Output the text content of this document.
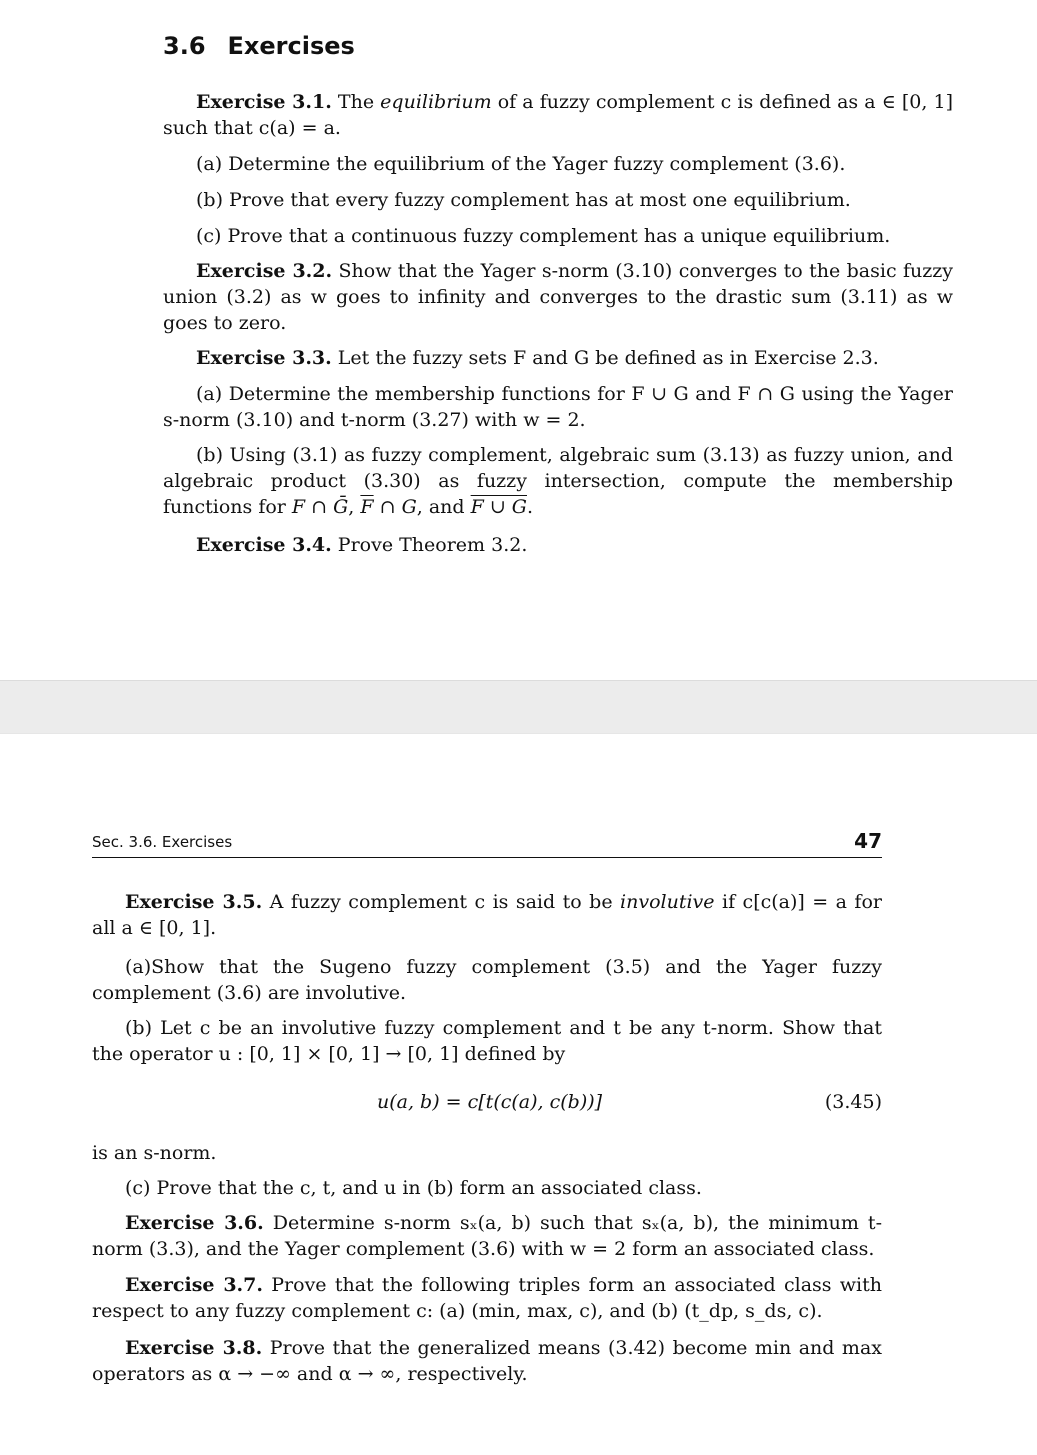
3.6 Exercises
Exercise 3.1. The equilibrium of a fuzzy complement c is defined as a ∈ [0, 1] such that c(a) = a.
(a) Determine the equilibrium of the Yager fuzzy complement (3.6).
(b) Prove that every fuzzy complement has at most one equilibrium.
(c) Prove that a continuous fuzzy complement has a unique equilibrium.
Exercise 3.2. Show that the Yager s-norm (3.10) converges to the basic fuzzy union (3.2) as w goes to infinity and converges to the drastic sum (3.11) as w goes to zero.
Exercise 3.3. Let the fuzzy sets F and G be defined as in Exercise 2.3.
(a) Determine the membership functions for F ∪ G and F ∩ G using the Yager s-norm (3.10) and t-norm (3.27) with w = 2.
(b) Using (3.1) as fuzzy complement, algebraic sum (3.13) as fuzzy union, and algebraic product (3.30) as fuzzy intersection, compute the membership functions for F ∩ Ḡ, $\overline{F}$ ∩ G, and F ∪ G.
Exercise 3.4. Prove Theorem 3.2.
Sec. 3.6. Exercises	47
Exercise 3.5. A fuzzy complement c is said to be involutive if c[c(a)] = a for all a ∈ [0, 1].
(a)Show that the Sugeno fuzzy complement (3.5) and the Yager fuzzy complement (3.6) are involutive.
(b) Let c be an involutive fuzzy complement and t be any t-norm. Show that the operator u : [0, 1] × [0, 1] → [0, 1] defined by
u(a, b) = c[t(c(a), c(b))]	(3.45)
is an s-norm.
(c) Prove that the c, t, and u in (b) form an associated class.
Exercise 3.6. Determine s-norm sₓ(a, b) such that sₓ(a, b), the minimum t-norm (3.3), and the Yager complement (3.6) with w = 2 form an associated class.
Exercise 3.7. Prove that the following triples form an associated class with respect to any fuzzy complement c: (a) (min, max, c), and (b) (t_dp, s_ds, c).
Exercise 3.8. Prove that the generalized means (3.42) become min and max operators as α → −∞ and α → ∞, respectively.
